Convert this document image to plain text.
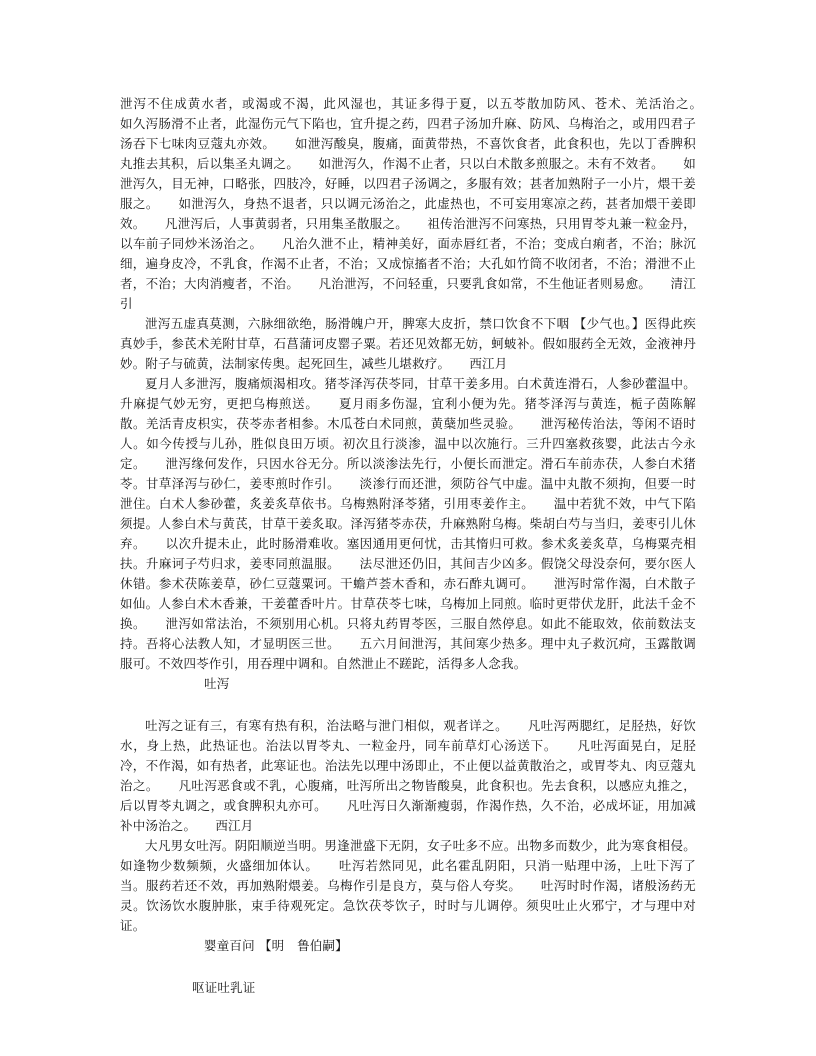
泄泻不住成黄水者，或渴或不渴，此风湿也，其证多得于夏，以五苓散加防风、苍术、羌活治之。　　如久泻肠滑不止者，此湿伤元气下陷也，宜升提之药，四君子汤加升麻、防风、乌梅治之，或用四君子汤吞下七味肉豆蔻丸亦效。　　如泄泻酸臭，腹痛，面黄带热，不喜饮食者，此食积也，先以丁香脾积丸推去其积，后以集圣丸调之。　　如泄泻久，作渴不止者，只以白术散多煎服之。未有不效者。　　如泄泻久，目无神，口略张，四肢冷，好睡，以四君子汤调之，多服有效；甚者加熟附子一小片，煨干姜服之。　　如泄泻久，身热不退者，只以调元汤治之，此虚热也，不可妄用寒凉之药，甚者加煨干姜即效。　　凡泄泻后，人事黄弱者，只用集圣散服之。　　祖传治泄泻不问寒热，只用胃苓丸兼一粒金丹，以车前子同炒米汤治之。　　凡治久泄不止，精神美好，面赤唇红者，不治；变成白痢者，不治；脉沉细，遍身皮冷，不乳食，作渴不止者，不治；又成惊搐者不治；大孔如竹筒不收闭者，不治；滑泄不止者，不治；大肉消瘦者，不治。　　凡治泄泻，不问轻重，只要乳食如常，不生他证者则易愈。　　清江引

泄泻五虚真莫测，六脉细欲绝，肠滑魄户开，脾寒大皮折，禁口饮食不下咽 【少气也。】医得此疾真妙手，参芪术羌附甘草，石菖蒲诃皮罂子粟。若还见效都无妨，蚵蚾补。假如服药全无效，金液神丹妙。附子与硫黄，法制家传奥。起死回生，减些儿堪救疗。　　西江月

夏月人多泄泻，腹痛烦渴相攻。猪苓泽泻茯苓同，甘草干姜多用。白术黄连滑石，人参砂藿温中。升麻提气妙无穷，更把乌梅煎送。　　夏月雨多伤湿，宜利小便为先。猪苓泽泻与黄连，栀子茵陈解散。羌活青皮枳实，茯苓赤者相参。木瓜苍白术同煎，黄蘖加些灵验。　　泄泻秘传治法，等闲不语时人。如今传授与儿孙，胜似良田万顷。初次且行淡渗，温中以次施行。三升四塞救孩婴，此法古今永定。　　泄泻缘何发作，只因水谷无分。所以淡渗法先行，小便长而泄定。滑石车前赤茯，人参白术猪苓。甘草泽泻与砂仁，姜枣煎时作引。　　淡渗行而还泄，须防谷气中虚。温中丸散不须拘，但要一时泄住。白术人参砂藿，炙姜炙草依书。乌梅熟附泽苓猪，引用枣姜作主。　　温中若犹不效，中气下陷须提。人参白术与黄芪，甘草干姜炙取。泽泻猪苓赤茯，升麻熟附乌梅。柴胡白芍与当归，姜枣引儿休弃。　　以次升提未止，此时肠滑难收。塞因通用更何忧，击其惰归可救。参术炙姜炙草，乌梅粟壳相扶。升麻诃子芍归求，姜枣同煎温服。　　法尽泄还仍旧，其间吉少凶多。假饶父母没奈何，要尔医人休错。参术茯陈姜草，砂仁豆蔻粟诃。干蟾芦荟木香和，赤石酢丸调可。　　泄泻时常作渴，白术散子如仙。人参白术木香兼，干姜藿香叶片。甘草茯苓七味，乌梅加上同煎。临时更带伏龙肝，此法千金不换。　　泄泻如常法治，不须别用心机。只将丸药胃苓医，三服自然停息。如此不能取效，依前数法支持。吾将心法教人知，才显明医三世。　　五六月间泄泻，其间寒少热多。理中丸子救沉疴，玉露散调服可。不效四苓作引，用吞理中调和。自然泄止不蹉跎，活得多人念我。

吐泻

吐泻之证有三，有寒有热有积，治法略与泄门相似，观者详之。　　凡吐泻两腮红，足胫热，好饮水，身上热，此热证也。治法以胃苓丸、一粒金丹，同车前草灯心汤送下。　　凡吐泻面晃白，足胫冷，不作渴，如有热者，此寒证也。治法先以理中汤即止，不止便以益黄散治之，或胃苓丸、肉豆蔻丸治之。　　凡吐泻恶食或不乳，心腹痛，吐泻所出之物皆酸臭，此食积也。先去食积，以感应丸推之，后以胃苓丸调之，或食脾积丸亦可。　　凡吐泻日久渐渐瘦弱，作渴作热，久不治，必成坏证，用加减补中汤治之。　　西江月

大凡男女吐泻。阴阳顺逆当明。男逢泄盛下无阴，女子吐多不应。出物多而数少，此为寒食相侵。如逢物少数频频，火盛细加体认。　　吐泻若然同见，此名霍乱阴阳，只消一贴理中汤，上吐下泻了当。服药若还不效，再加熟附煨姜。乌梅作引是良方，莫与俗人夸奖。　　吐泻时时作渴，诸般汤药无灵。饮汤饮水腹肿胀，束手待观死定。急饮茯苓饮子，时时与儿调停。须臾吐止火邪宁，才与理中对证。

婴童百问 【明　鲁伯嗣】

呕证吐乳证
